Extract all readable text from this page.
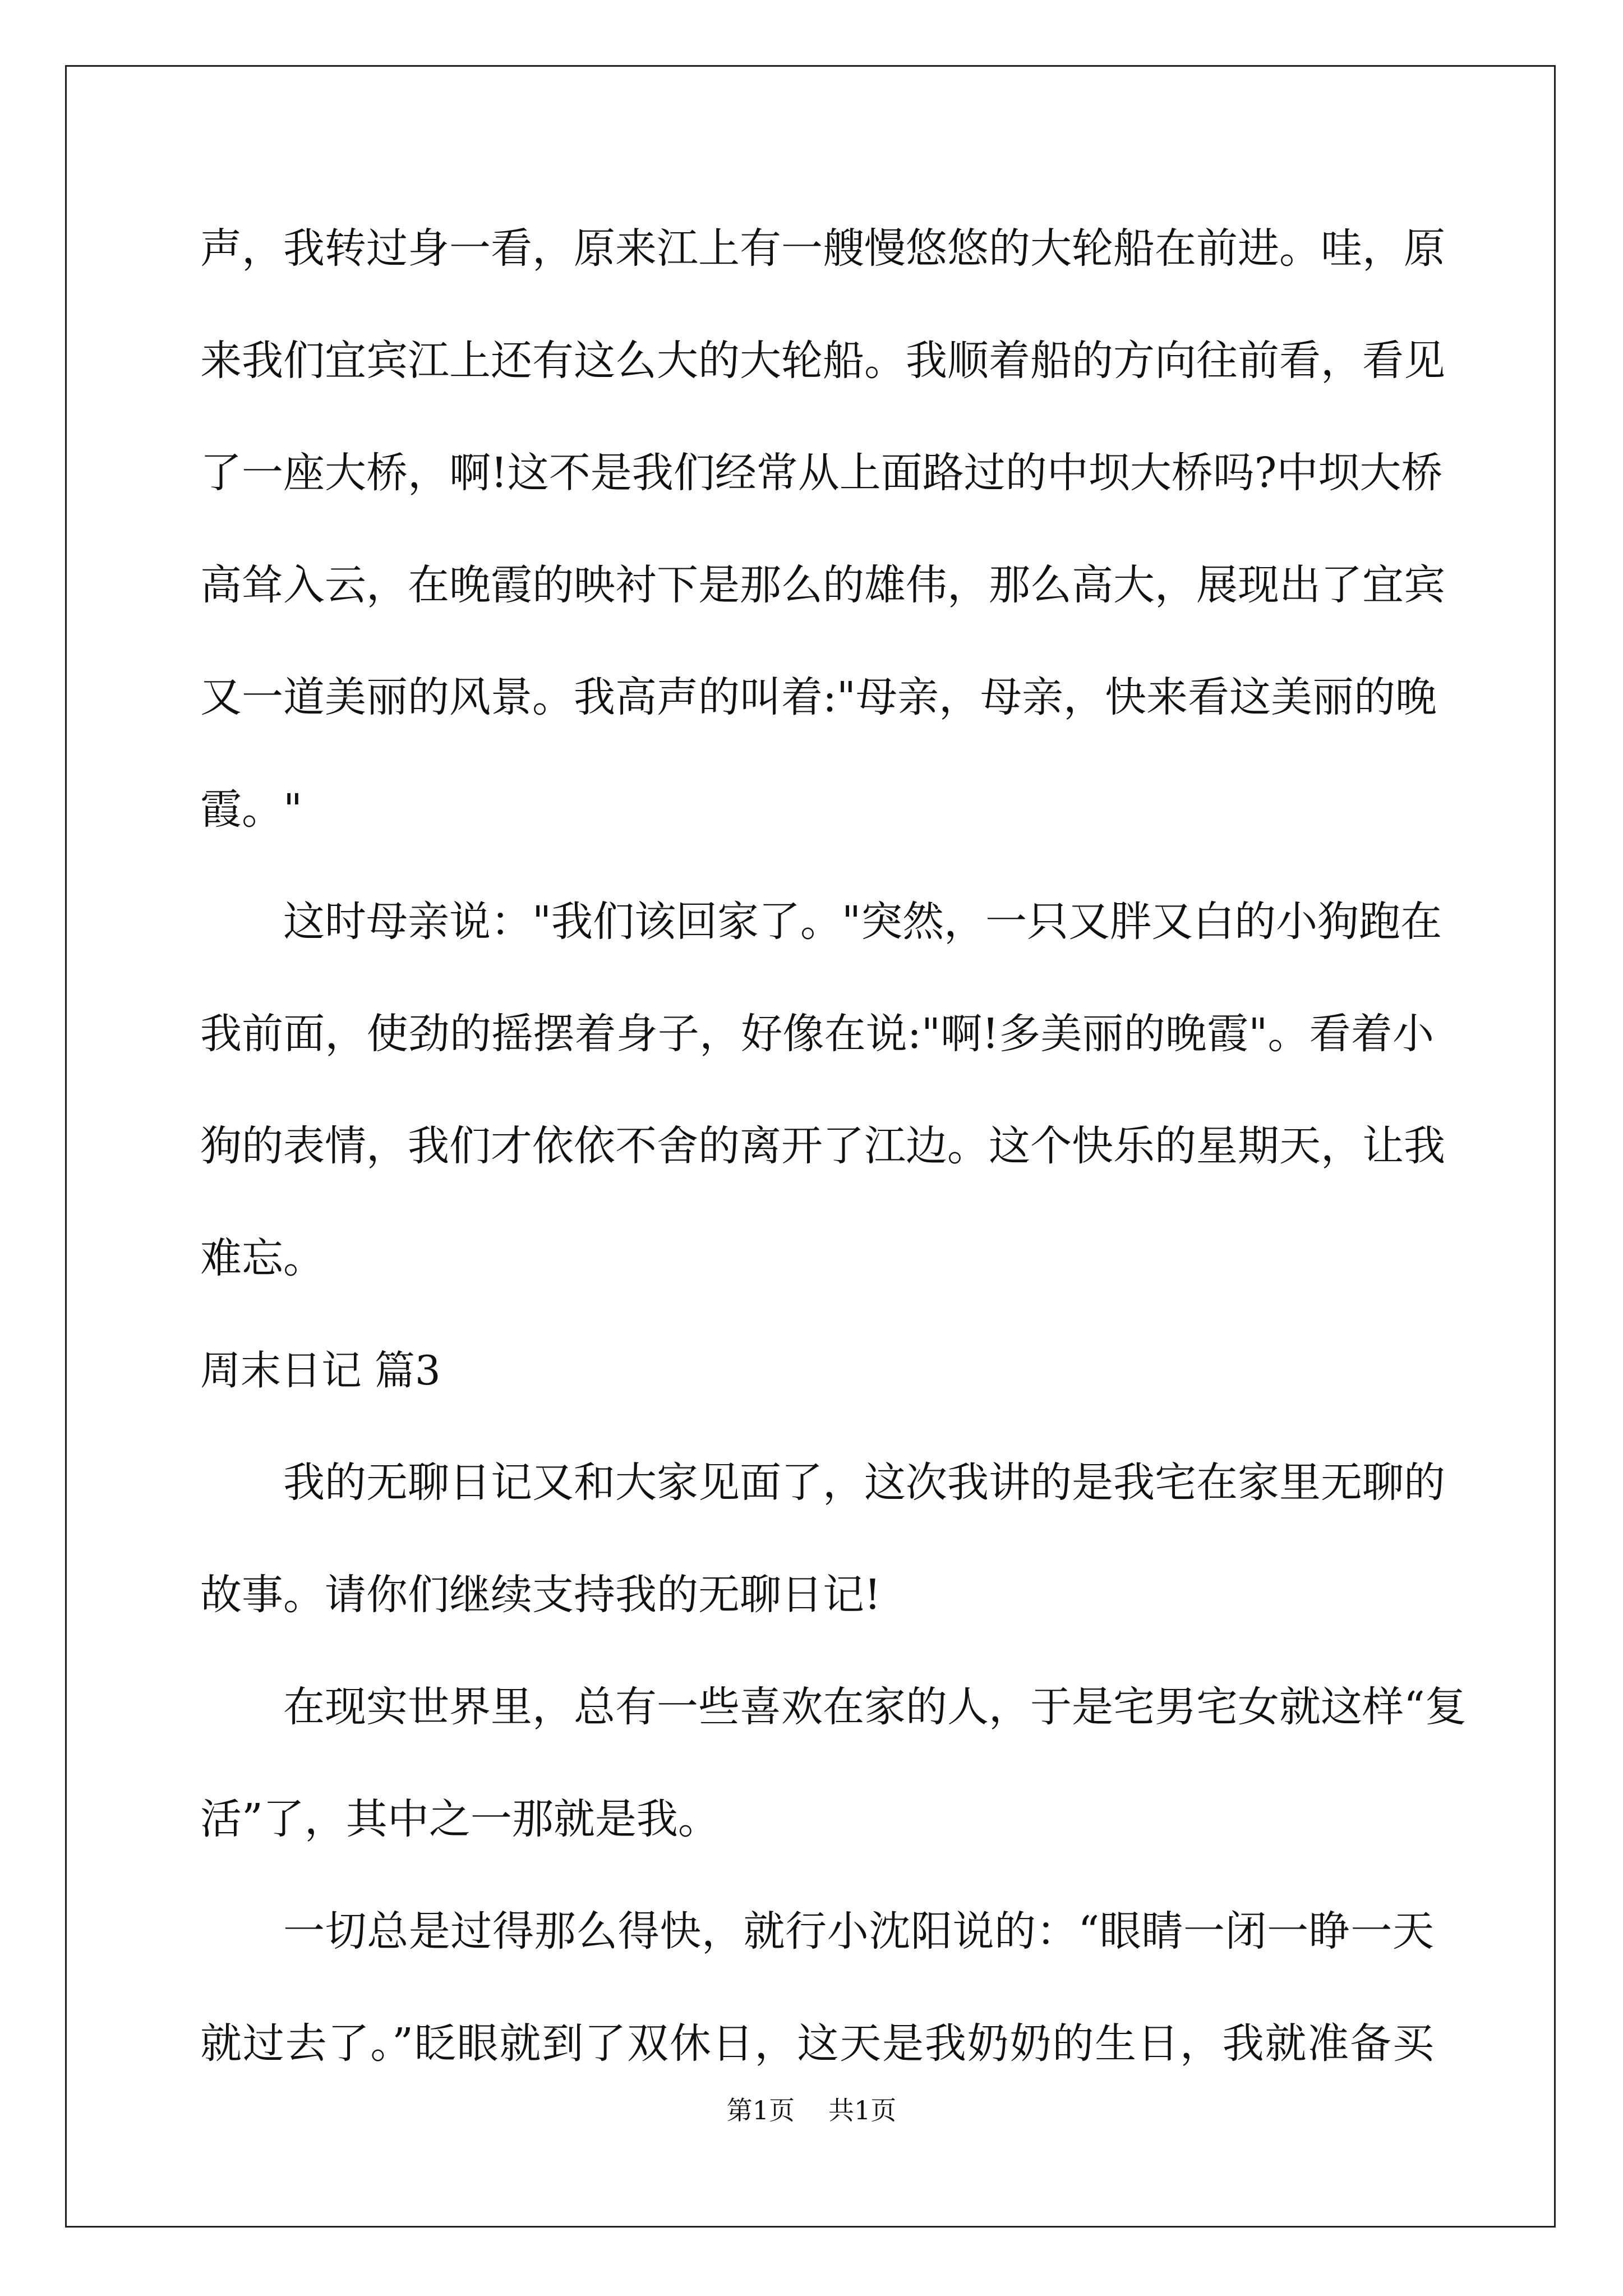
声，我转过身一看，原来江上有一艘慢悠悠的大轮船在前进。哇，原
来我们宜宾江上还有这么大的大轮船。我顺着船的方向往前看，看见
了一座大桥，啊!这不是我们经常从上面路过的中坝大桥吗?中坝大桥
高耸入云，在晚霞的映衬下是那么的雄伟，那么高大，展现出了宜宾
又一道美丽的风景。我高声的叫着:"母亲，母亲，快来看这美丽的晚
霞。"
这时母亲说："我们该回家了。"突然，一只又胖又白的小狗跑在
我前面，使劲的摇摆着身子，好像在说:"啊!多美丽的晚霞"。看着小
狗的表情，我们才依依不舍的离开了江边。这个快乐的星期天，让我
难忘。
周末日记 篇3
我的无聊日记又和大家见面了，这次我讲的是我宅在家里无聊的
故事。请你们继续支持我的无聊日记!
在现实世界里，总有一些喜欢在家的人，于是宅男宅女就这样“复
活”了，其中之一那就是我。
一切总是过得那么得快，就行小沈阳说的：“眼睛一闭一睁一天
就过去了。”眨眼就到了双休日，这天是我奶奶的生日，我就准备买
第1页 共1页
